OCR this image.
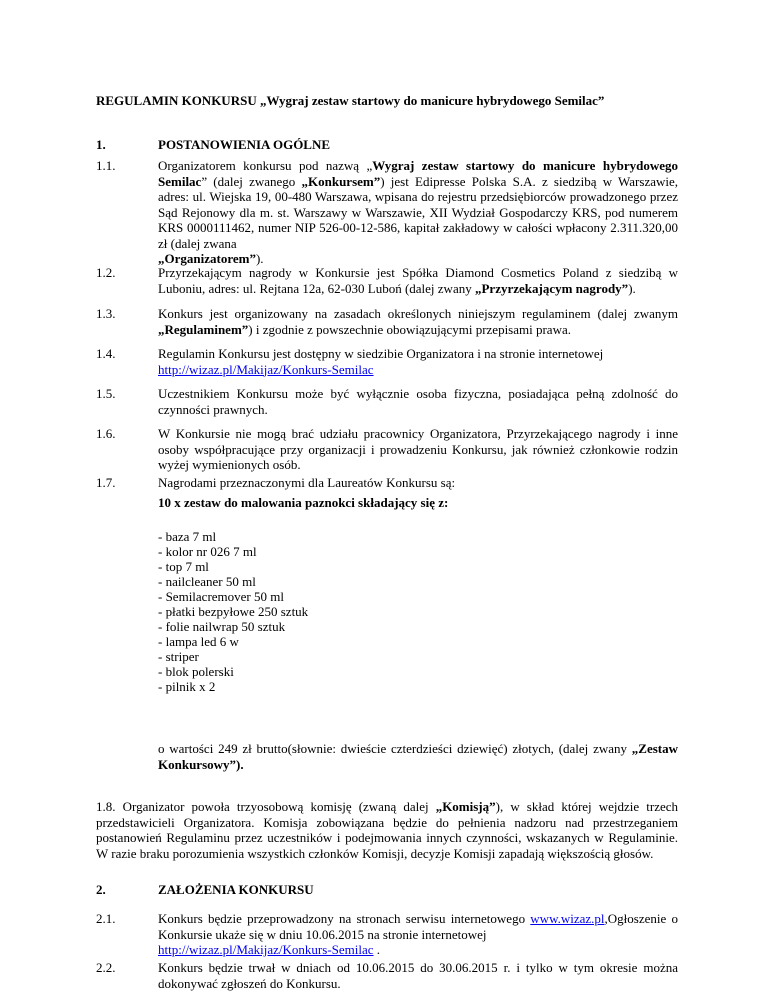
REGULAMIN KONKURSU „Wygraj zestaw startowy do manicure hybrydowego Semilac”
1.	POSTANOWIENIA OGÓLNE
1.1.	Organizatorem konkursu pod nazwą „Wygraj zestaw startowy do manicure hybrydowego Semilac” (dalej zwanego „Konkursem”) jest Edipresse Polska S.A. z siedzibą w Warszawie, adres: ul. Wiejska 19, 00-480 Warszawa, wpisana do rejestru przedsiębiorców prowadzonego przez Sąd Rejonowy dla m. st. Warszawy w Warszawie, XII Wydział Gospodarczy KRS, pod numerem KRS 0000111462, numer NIP 526-00-12-586, kapitał zakładowy w całości wpłacony 2.311.320,00 zł (dalej zwana
„Organizatorem”).
1.2.	Przyrzekającym nagrody w Konkursie jest Spółka Diamond Cosmetics Poland z siedzibą w Luboniu, adres: ul. Rejtana 12a, 62-030 Luboń (dalej zwany „Przyrzekającym nagrody”).
1.3.	Konkurs jest organizowany na zasadach określonych niniejszym regulaminem (dalej zwanym „Regulaminem”) i zgodnie z powszechnie obowiązującymi przepisami prawa.
1.4.	Regulamin Konkursu jest dostępny w siedzibie Organizatora i na stronie internetowej
http://wizaz.pl/Makijaz/Konkurs-Semilac
1.5.	Uczestnikiem Konkursu może być wyłącznie osoba fizyczna, posiadająca pełną zdolność do czynności prawnych.
1.6.	W Konkursie nie mogą brać udziału pracownicy Organizatora, Przyrzekającego nagrody i inne osoby współpracujące przy organizacji i prowadzeniu Konkursu, jak również członkowie rodzin wyżej wymienionych osób.
1.7.	Nagrodami przeznaczonymi dla Laureatów Konkursu są:
10 x zestaw do malowania paznokci składający się z:
- baza 7 ml
- kolor nr 026 7 ml
- top 7 ml
- nailcleaner 50 ml
- Semilacremover 50 ml
- płatki bezpyłowe 250 sztuk
- folie nailwrap 50 sztuk
- lampa led 6 w
- striper
- blok polerski
- pilnik x 2
o wartości 249 zł brutto(słownie: dwieście czterdzieści dziewięć) złotych, (dalej zwany „Zestaw Konkursowy”).
1.8. Organizator powoła trzyosobową komisję (zwaną dalej „Komisją”), w skład której wejdzie trzech przedstawicieli Organizatora. Komisja zobowiązana będzie do pełnienia nadzoru nad przestrzeganiem postanowień Regulaminu przez uczestników i podejmowania innych czynności, wskazanych w Regulaminie. W razie braku porozumienia wszystkich członków Komisji, decyzje Komisji zapadają większością głosów.
2.	ZAŁOŻENIA KONKURSU
2.1.	Konkurs będzie przeprowadzony na stronach serwisu internetowego www.wizaz.pl,Ogłoszenie o Konkursie ukaże się w dniu 10.06.2015 na stronie internetowej
http://wizaz.pl/Makijaz/Konkurs-Semilac .
2.2.	Konkurs będzie trwał w dniach od 10.06.2015 do 30.06.2015 r. i tylko w tym okresie można dokonywać zgłoszeń do Konkursu.
